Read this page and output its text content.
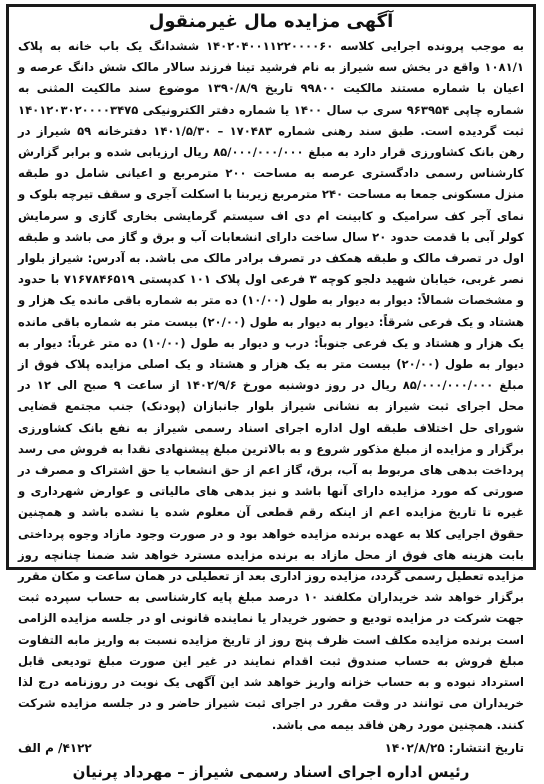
آگهی مزایده مال غیرمنقول

به موجب پرونده اجرایی کلاسه ۱۴۰۲۰۴۰۰۱۱۲۲۰۰۰۰۶۰ ششدانگ یک باب خانه به پلاک ۱۰۸۱/۱ واقع در بخش سه شیراز به نام فرشید تینا فرزند سالار مالک شش دانگ عرصه و اعیان با شماره مستند مالکیت ۹۹۸۰۰ تاریخ ۱۳۹۰/۸/۹ موضوع سند مالکیت المثنی به شماره چاپی ۹۶۳۹۵۴ سری ب سال ۱۴۰۰ یا شماره دفتر الکترونیکی ۱۴۰۱۲۰۳۰۲۰۰۰۰۳۴۷۵ ثبت گردیده است. طبق سند رهنی شماره ۱۷۰۴۸۳ – ۱۴۰۱/۵/۳۰ دفترخانه ۵۹ شیراز در رهن بانک کشاورزی قرار دارد به مبلغ ۸۵/۰۰۰/۰۰۰/۰۰۰ ریال ارزیابی شده و برابر گزارش کارشناس رسمی دادگستری عرصه به مساحت ۲۰۰ مترمربع و اعیانی شامل دو طبقه منزل مسکونی جمعا به مساحت ۲۴۰ مترمربع زیربنا با اسکلت آجری و سقف تیرچه بلوک و نمای آجر کف سرامیک و کابینت ام دی اف سیستم گرمایشی بخاری گازی و سرمایش کولر آبی با قدمت حدود ۲۰ سال ساخت دارای انشعابات آب و برق و گاز می باشد و طبقه اول در تصرف مالک و طبقه همکف در تصرف برادر مالک می باشد. به آدرس: شیراز بلوار نصر غربی، خیابان شهید دلجو کوچه ۳ فرعی اول پلاک ۱۰۱ کدپستی ۷۱۶۷۸۴۶۵۱۹ با حدود و مشخصات شمالاً: دیوار به دیوار به طول (۱۰/۰۰) ده متر به شماره باقی مانده یک هزار و هشتاد و یک فرعی شرقاً: دیوار به دیوار به طول (۲۰/۰۰) بیست متر به شماره باقی مانده یک هزار و هشتاد و یک فرعی جنوباً: درب و دیوار به طول (۱۰/۰۰) ده متر غرباً: دیوار به دیوار به طول (۲۰/۰۰) بیست متر به یک هزار و هشتاد و یک اصلی مزایده پلاک فوق از مبلغ ۸۵/۰۰۰/۰۰۰/۰۰۰ ریال در روز دوشنبه مورخ ۱۴۰۲/۹/۶ از ساعت ۹ صبح الی ۱۲ در محل اجرای ثبت شیراز به نشانی شیراز بلوار جانبازان (پودنک) جنب مجتمع قضایی شورای حل اختلاف طبقه اول اداره اجرای اسناد رسمی شیراز به نفع بانک کشاورزی برگزار و مزایده از مبلغ مذکور شروع و به بالاترین مبلغ پیشنهادی نقدا به فروش می رسد پرداخت بدهی های مربوط به آب، برق، گاز اعم از حق انشعاب یا حق اشتراک و مصرف در صورتی که مورد مزایده دارای آنها باشد و نیز بدهی های مالیاتی و عوارض شهرداری و غیره تا تاریخ مزایده اعم از اینکه رقم قطعی آن معلوم شده یا نشده باشد و همچنین حقوق اجرایی کلا به عهده برنده مزایده خواهد بود و در صورت وجود مازاد وجوه پرداختی بابت هزینه های فوق از محل مازاد به برنده مزایده مسترد خواهد شد ضمنا چنانچه روز مزایده تعطیل رسمی گردد، مزایده روز اداری بعد از تعطیلی در همان ساعت و مکان مقرر برگزار خواهد شد خریداران مکلفند ۱۰ درصد مبلغ پایه کارشناسی به حساب سپرده ثبت جهت شرکت در مزایده تودیع و حضور خریدار یا نماینده قانونی او در جلسه مزایده الزامی است برنده مزایده مکلف است ظرف پنج روز از تاریخ مزایده نسبت به واریز مابه التفاوت مبلغ فروش به حساب صندوق ثبت اقدام نمایند در غیر این صورت مبلغ تودیعی قابل استرداد نبوده و به حساب خزانه واریز خواهد شد این آگهی یک نوبت در روزنامه درج لذا خریداران می توانند در وقت مقرر در اجرای ثبت شیراز حاضر و در جلسه مزایده شرکت کنند. همچنین مورد رهن فاقد بیمه می باشد.

تاریخ انتشار: ۱۴۰۲/۸/۲۵
۴۱۲۲/ م الف
رئیس اداره اجرای اسناد رسمی شیراز – مهرداد پرنیان
